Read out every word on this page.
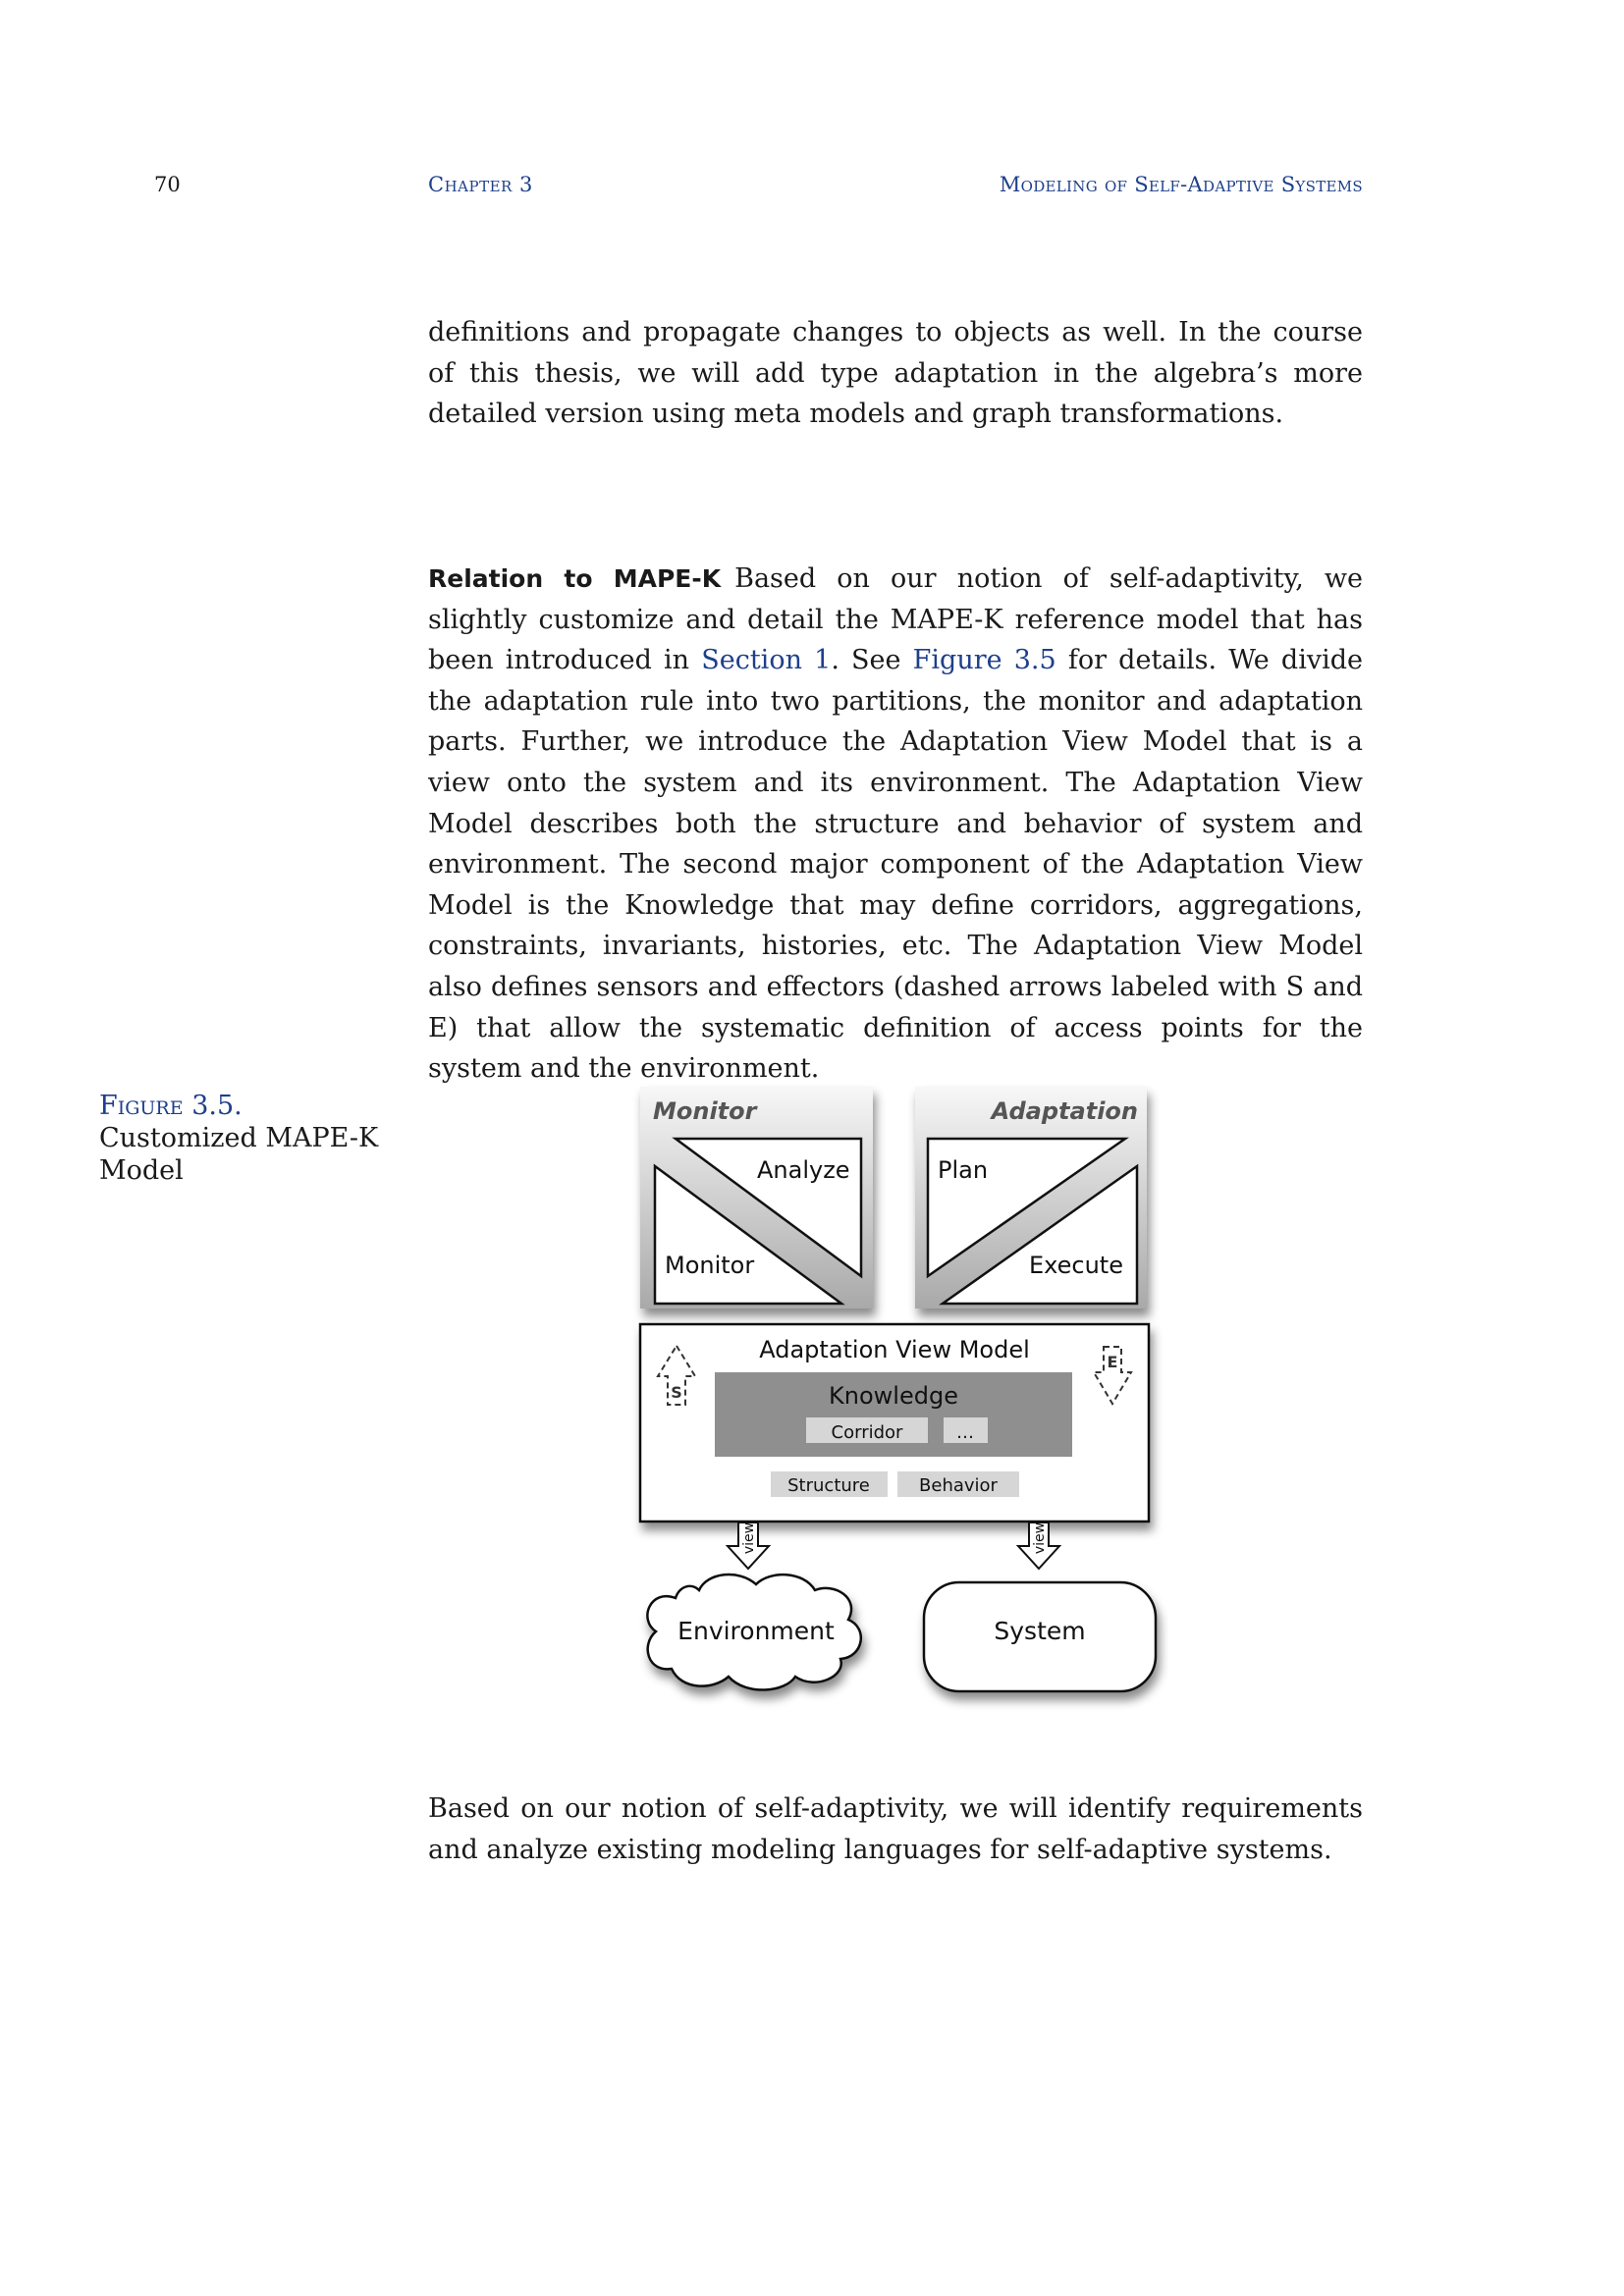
70	Chapter 3	Modeling of Self-Adaptive Systems

definitions and propagate changes to objects as well. In the course of this thesis, we will add type adaptation in the algebra’s more detailed version using meta models and graph transformations.

Relation to MAPE-K Based on our notion of self-adaptivity, we slightly customize and detail the MAPE-K reference model that has been introduced in Section 1. See Figure 3.5 for details. We divide the adaptation rule into two partitions, the monitor and adaptation parts. Further, we introduce the Adaptation View Model that is a view onto the system and its environment. The Adaptation View Model describes both the structure and behavior of system and environment. The second major component of the Adaptation View Model is the Knowledge that may define corridors, aggregations, constraints, invariants, histories, etc. The Adaptation View Model also defines sensors and effectors (dashed arrows labeled with S and E) that allow the systematic definition of access points for the system and the environment.

Figure 3.5.
Customized MAPE-K Model
Monitor
Analyze
Monitor
Adaptation
Plan
Execute
Adaptation View Model
Knowledge
Corridor	…
Structure	Behavior
S
E
view	view
Environment	System

Based on our notion of self-adaptivity, we will identify requirements and analyze existing modeling languages for self-adaptive systems.
